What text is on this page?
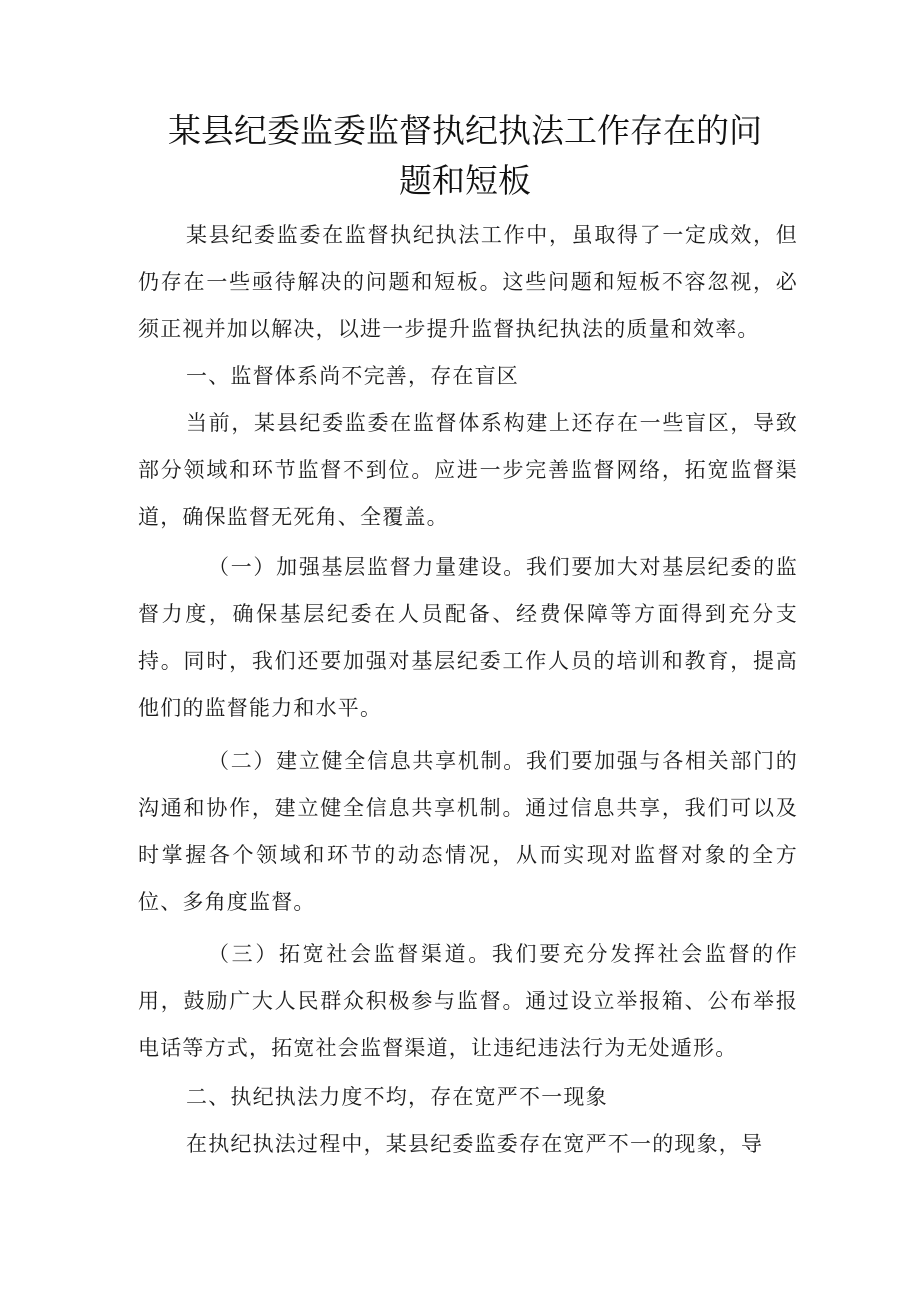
某县纪委监委监督执纪执法工作存在的问
题和短板

某县纪委监委在监督执纪执法工作中，虽取得了一定成效，但仍存在一些亟待解决的问题和短板。这些问题和短板不容忽视，必须正视并加以解决，以进一步提升监督执纪执法的质量和效率。

一、监督体系尚不完善，存在盲区

当前，某县纪委监委在监督体系构建上还存在一些盲区，导致部分领域和环节监督不到位。应进一步完善监督网络，拓宽监督渠道，确保监督无死角、全覆盖。

（一）加强基层监督力量建设。我们要加大对基层纪委的监督力度，确保基层纪委在人员配备、经费保障等方面得到充分支持。同时，我们还要加强对基层纪委工作人员的培训和教育，提高他们的监督能力和水平。

（二）建立健全信息共享机制。我们要加强与各相关部门的沟通和协作，建立健全信息共享机制。通过信息共享，我们可以及时掌握各个领域和环节的动态情况，从而实现对监督对象的全方位、多角度监督。

（三）拓宽社会监督渠道。我们要充分发挥社会监督的作用，鼓励广大人民群众积极参与监督。通过设立举报箱、公布举报电话等方式，拓宽社会监督渠道，让违纪违法行为无处遁形。

二、执纪执法力度不均，存在宽严不一现象

在执纪执法过程中，某县纪委监委存在宽严不一的现象，导
